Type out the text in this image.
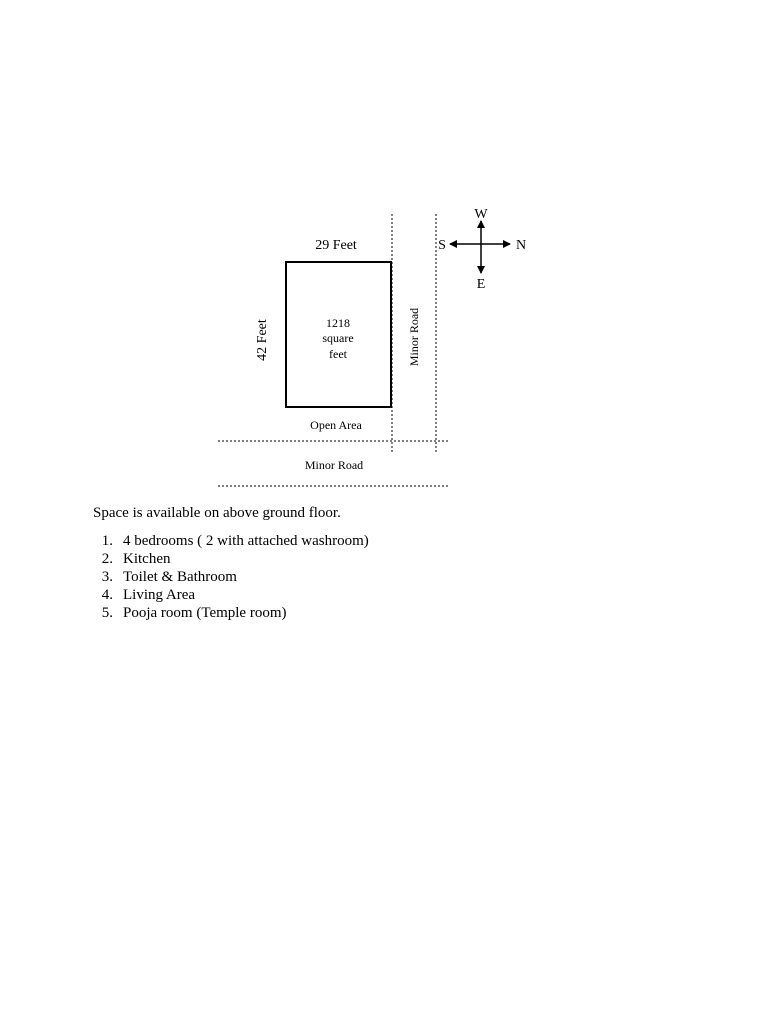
29 Feet
42 Feet	1218
square
feet
Open Area
Minor Road
Minor Road
W
S	N
E
Space is available on above ground floor.
1. 4 bedrooms ( 2 with attached washroom)
2. Kitchen
3. Toilet & Bathroom
4. Living Area
5. Pooja room (Temple room)
